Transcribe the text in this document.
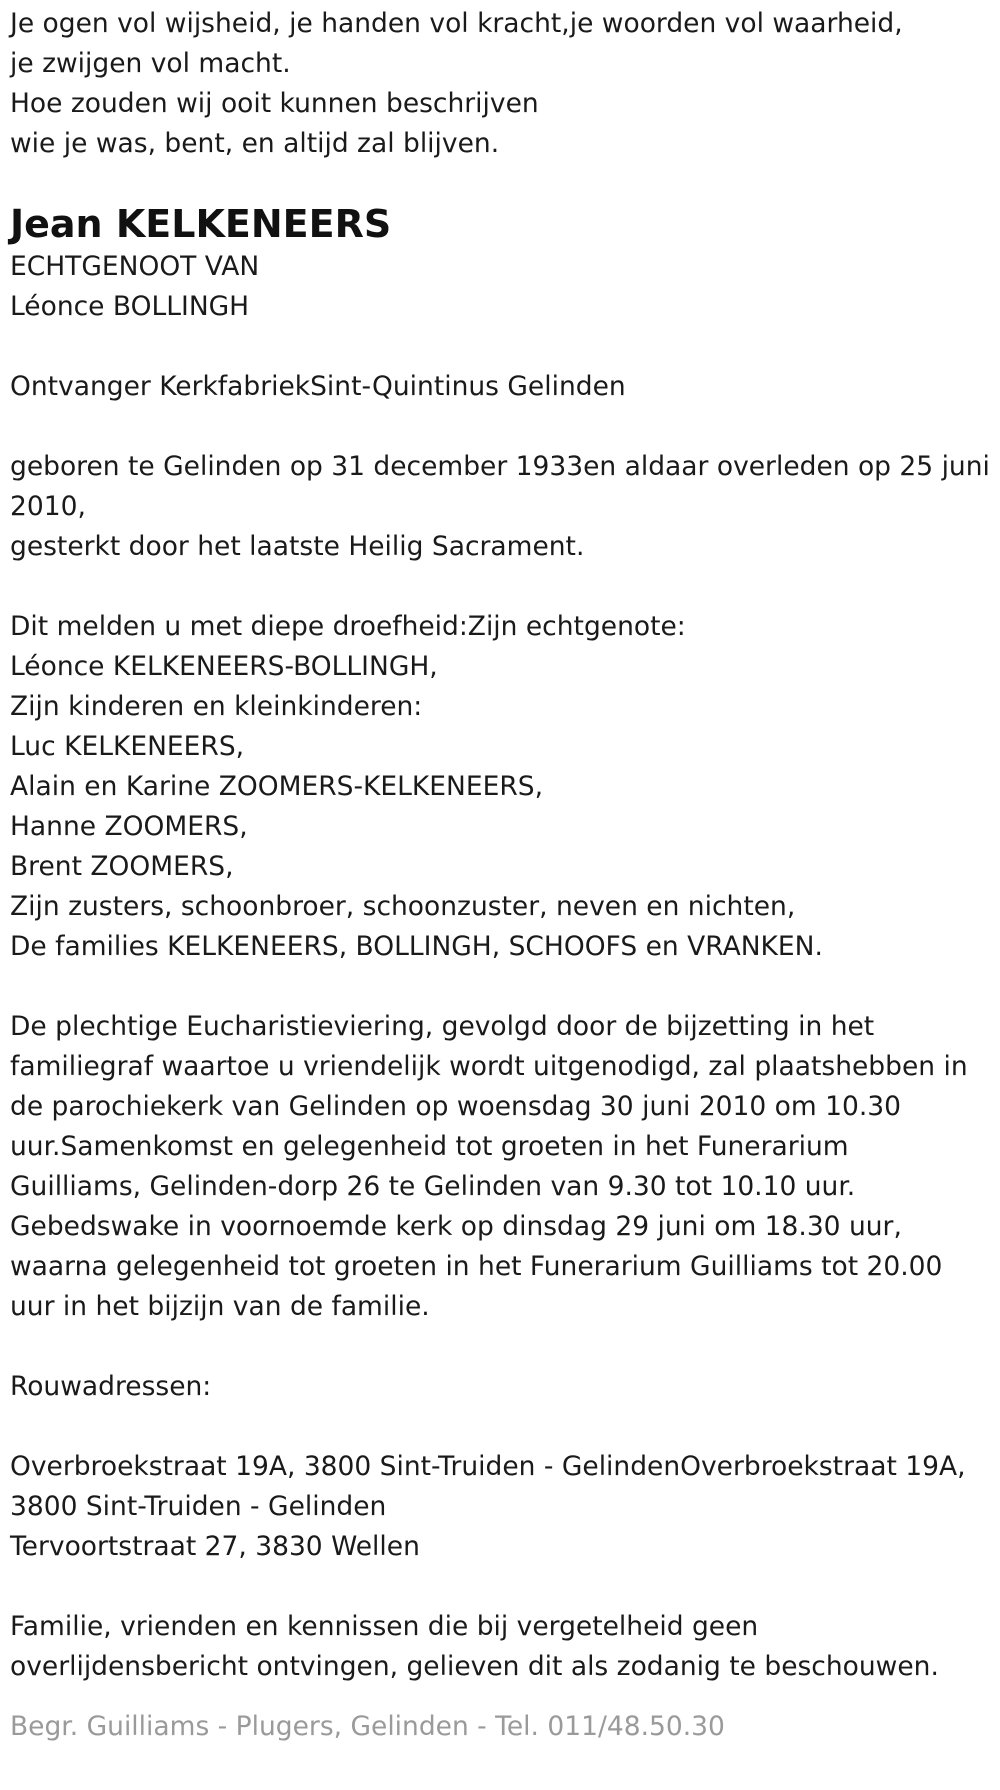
Je ogen vol wijsheid, je handen vol kracht,je woorden vol waarheid,
je zwijgen vol macht.
Hoe zouden wij ooit kunnen beschrijven
wie je was, bent, en altijd zal blijven.
Jean KELKENEERS
ECHTGENOOT VAN
Léonce BOLLINGH
Ontvanger KerkfabriekSint-Quintinus Gelinden
geboren te Gelinden op 31 december 1933en aldaar overleden op 25 juni
2010,
gesterkt door het laatste Heilig Sacrament.
Dit melden u met diepe droefheid:Zijn echtgenote:
Léonce KELKENEERS-BOLLINGH,
Zijn kinderen en kleinkinderen:
Luc KELKENEERS,
Alain en Karine ZOOMERS-KELKENEERS,
Hanne ZOOMERS,
Brent ZOOMERS,
Zijn zusters, schoonbroer, schoonzuster, neven en nichten,
De families KELKENEERS, BOLLINGH, SCHOOFS en VRANKEN.
De plechtige Eucharistieviering, gevolgd door de bijzetting in het
familiegraf waartoe u vriendelijk wordt uitgenodigd, zal plaatshebben in
de parochiekerk van Gelinden op woensdag 30 juni 2010 om 10.30
uur.Samenkomst en gelegenheid tot groeten in het Funerarium
Guilliams, Gelinden-dorp 26 te Gelinden van 9.30 tot 10.10 uur.
Gebedswake in voornoemde kerk op dinsdag 29 juni om 18.30 uur,
waarna gelegenheid tot groeten in het Funerarium Guilliams tot 20.00
uur in het bijzijn van de familie.
Rouwadressen:
Overbroekstraat 19A, 3800 Sint-Truiden - GelindenOverbroekstraat 19A,
3800 Sint-Truiden - Gelinden
Tervoortstraat 27, 3830 Wellen
Familie, vrienden en kennissen die bij vergetelheid geen
overlijdensbericht ontvingen, gelieven dit als zodanig te beschouwen.
Begr. Guilliams - Plugers, Gelinden - Tel. 011/48.50.30
